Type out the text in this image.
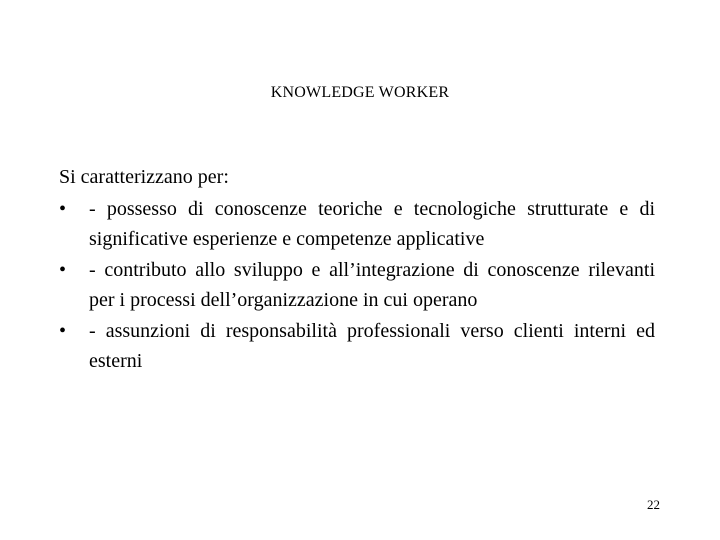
KNOWLEDGE WORKER
Si caratterizzano per:
• - possesso di conoscenze teoriche e tecnologiche strutturate e di significative esperienze e competenze applicative
• - contributo allo sviluppo e all’integrazione di conoscenze rilevanti per i processi dell’organizzazione in cui operano
• - assunzioni di responsabilità professionali verso clienti interni ed esterni
22
